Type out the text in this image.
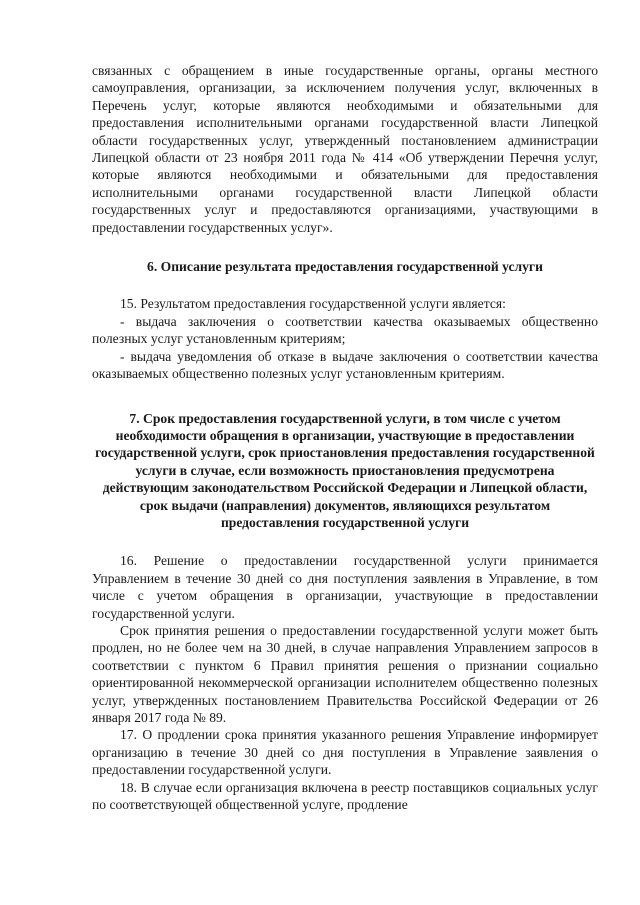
связанных с обращением в иные государственные органы, органы местного самоуправления, организации, за исключением получения услуг, включенных в Перечень услуг, которые являются необходимыми и обязательными для предоставления исполнительными органами государственной власти Липецкой области государственных услуг, утвержденный постановлением администрации Липецкой области от 23 ноября 2011 года № 414 «Об утверждении Перечня услуг, которые являются необходимыми и обязательными для предоставления исполнительными органами государственной власти Липецкой области государственных услуг и предоставляются организациями, участвующими в предоставлении государственных услуг».

6. Описание результата предоставления государственной услуги

15. Результатом предоставления государственной услуги является:

- выдача заключения о соответствии качества оказываемых общественно полезных услуг установленным критериям;

- выдача уведомления об отказе в выдаче заключения о соответствии качества оказываемых общественно полезных услуг установленным критериям.

7. Срок предоставления государственной услуги, в том числе с учетом необходимости обращения в организации, участвующие в предоставлении государственной услуги, срок приостановления предоставления государственной услуги в случае, если возможность приостановления предусмотрена действующим законодательством Российской Федерации и Липецкой области, срок выдачи (направления) документов, являющихся результатом предоставления государственной услуги

16. Решение о предоставлении государственной услуги принимается Управлением в течение 30 дней со дня поступления заявления в Управление, в том числе с учетом обращения в организации, участвующие в предоставлении государственной услуги.

Срок принятия решения о предоставлении государственной услуги может быть продлен, но не более чем на 30 дней, в случае направления Управлением запросов в соответствии с пунктом 6 Правил принятия решения о признании социально ориентированной некоммерческой организации исполнителем общественно полезных услуг, утвержденных постановлением Правительства Российской Федерации от 26 января 2017 года № 89.

17. О продлении срока принятия указанного решения Управление информирует организацию в течение 30 дней со дня поступления в Управление заявления о предоставлении государственной услуги.

18. В случае если организация включена в реестр поставщиков социальных услуг по соответствующей общественной услуге, продление
